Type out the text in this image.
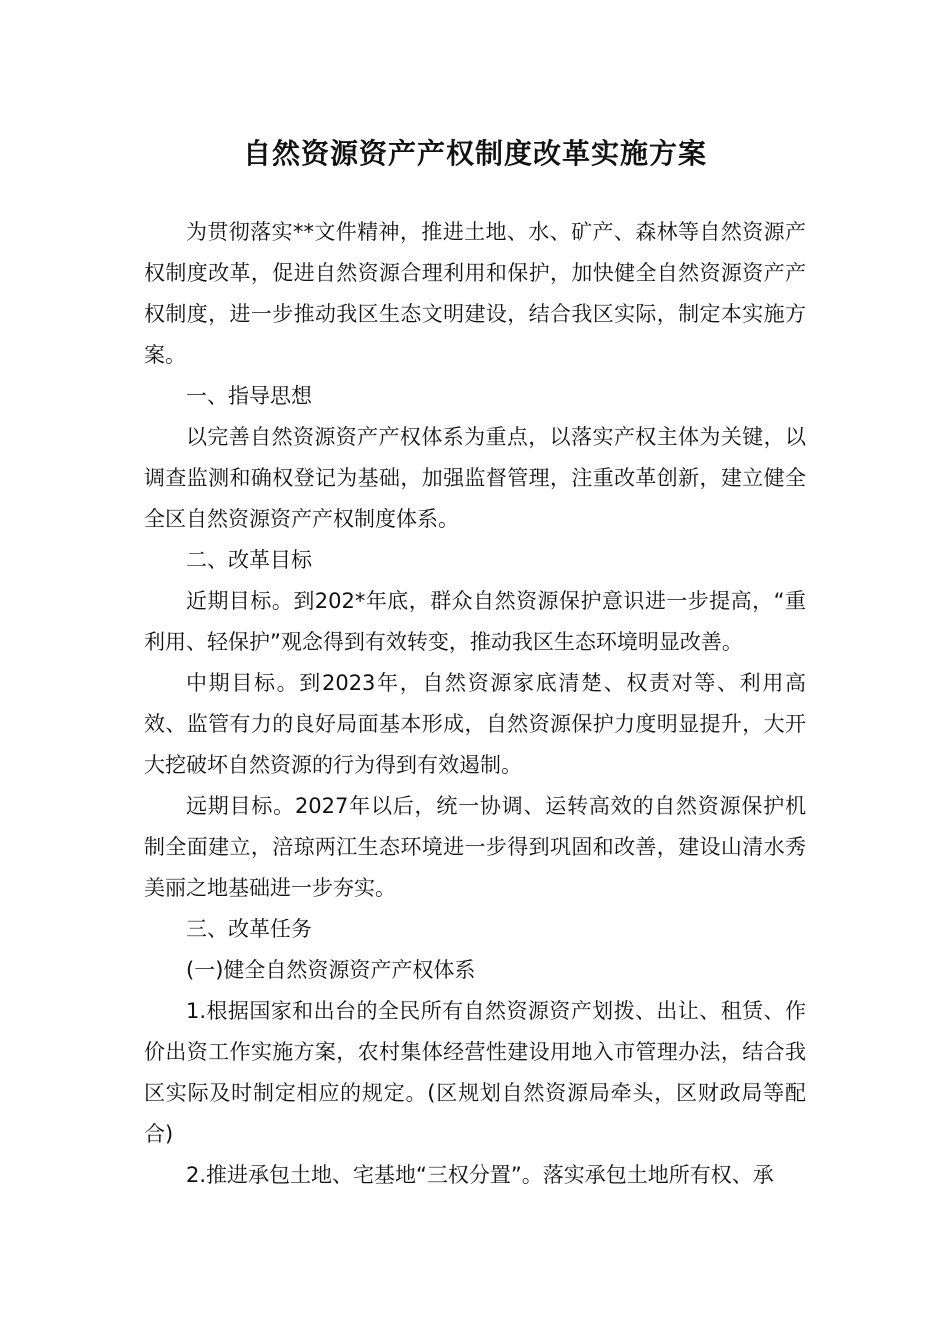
自然资源资产产权制度改革实施方案

为贯彻落实**文件精神，推进土地、水、矿产、森林等自然资源产权制度改革，促进自然资源合理利用和保护，加快健全自然资源资产产权制度，进一步推动我区生态文明建设，结合我区实际，制定本实施方案。

一、指导思想

以完善自然资源资产产权体系为重点，以落实产权主体为关键，以调查监测和确权登记为基础，加强监督管理，注重改革创新，建立健全全区自然资源资产产权制度体系。

二、改革目标

近期目标。到202*年底，群众自然资源保护意识进一步提高，“重利用、轻保护”观念得到有效转变，推动我区生态环境明显改善。

中期目标。到2023年，自然资源家底清楚、权责对等、利用高效、监管有力的良好局面基本形成，自然资源保护力度明显提升，大开大挖破坏自然资源的行为得到有效遏制。

远期目标。2027年以后，统一协调、运转高效的自然资源保护机制全面建立，涪琼两江生态环境进一步得到巩固和改善，建设山清水秀美丽之地基础进一步夯实。

三、改革任务

(一)健全自然资源资产产权体系

1.根据国家和出台的全民所有自然资源资产划拨、出让、租赁、作价出资工作实施方案，农村集体经营性建设用地入市管理办法，结合我区实际及时制定相应的规定。(区规划自然资源局牵头，区财政局等配合)

2.推进承包土地、宅基地“三权分置”。落实承包土地所有权、承
